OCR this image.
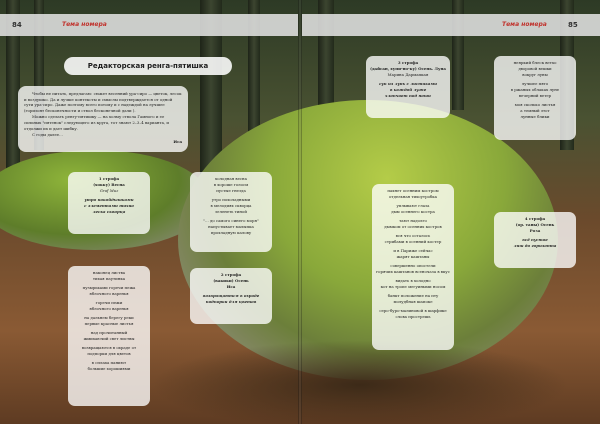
84	Тема номера	Тема номера	85
Редакторская ренга-пятишка

Чтобы не питать, предлагаю: сюжет весенний ура-сиро — цветок, лесок и воздушко. Да и лучше контексты и смыслы подтверждается от одной сути ура-сиро. Даже поэтому всего потому и с надеждой на лучшее (горизонт бесконечности и ствол бесконечной дали ).

Можно сделать ренгу-пятишку — на холму ствола Гамного и ее сильных "пятенок" следующего из круга, тот знают 2–3–4 варианта, и отдолжи их и дает шибку.

С годы далее...

Иса
1 строфа
(хокку) Весна
Graf Muz
утро покойдышками
с элементами тихио
леска скворца
холодная весна
в хороше голосм
пустые гнезда
утро похоладными
в мелодиях скворца
зеленеть тиной
"... до самого синего моря"
напустывает малыпка
прохладную калову
2 строфа
(вакики) Осень
Иса
возвращаются в охраде
подпорки для цветов
наконец листва
тихая паутинка
пузырьками горечи пежа
яблочного варенья
горечи пежи
яблочного варенья
на дальнем берегу реки
первые красные листья
над прочитанный
жмихаючий свет листвы
возвращаются в охраде от
подпорки для цветов
в сплаха паниют
большие хорошиями
3 строфа
(дайсан, хупи-но-ку) Осень. Луна
Марина Дармапкая
суп из лунь с листиками
в каждой луже
хлопчает под ноши
пахнет осенним костром
отдельная тихоутробка
уплывают глаза
дым осеннего костра
тают надолго
дымком от осенних костров
вся что осталось
стрибами в осенний костер
и в Париже сейчас
жарят каштаны
совершенно опостели
горячих каштанов всеночаза в вкус
видать в холодно
кот на тропе мегуиными носом
банкт положение на пту
молудбная шапоке
серо-буро-малиновой в шарфике
слова прострешь
неяркий блеск ветхо
дворовой вешки
вокруг луны
лучшее пято
в ржаных облаках луне
вечерний ветер
моя сколько листья
а темный этот
лунные блики
4 строфа
(ор. таны) Осень
Роза
всё пустое
лиш до горизонта
